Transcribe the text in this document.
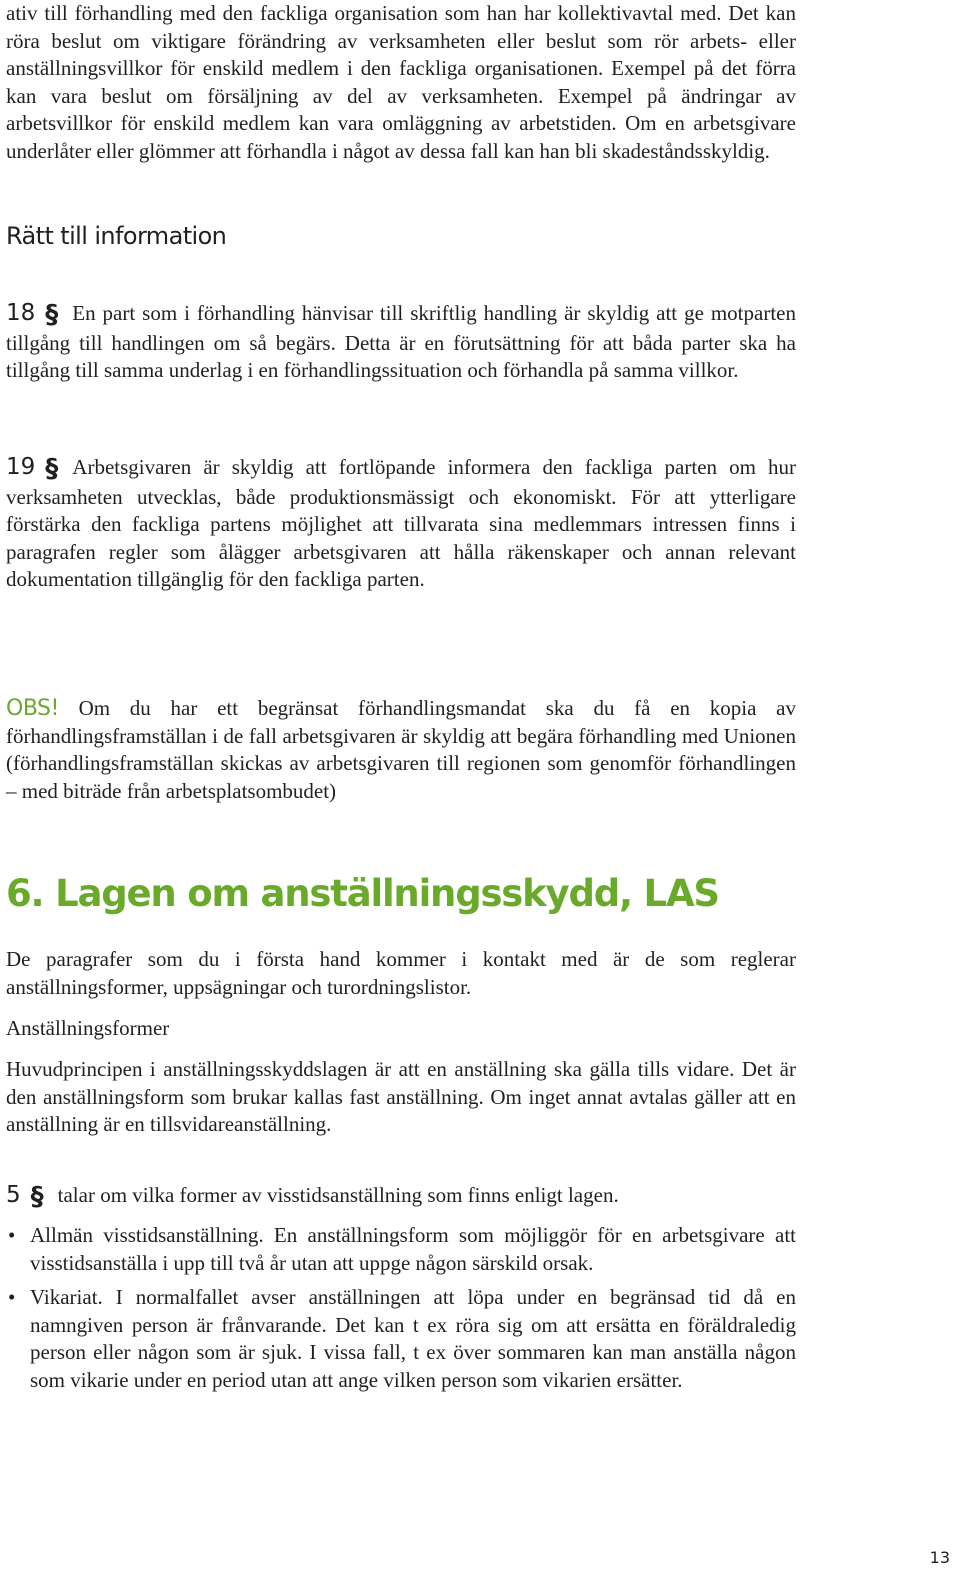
ativ till förhandling med den fackliga organisation som han har kollektivavtal med. Det kan röra beslut om viktigare förändring av verksamheten eller beslut som rör arbets- eller anställningsvillkor för enskild medlem i den fackliga organisationen. Exempel på det förra kan vara beslut om försäljning av del av verksamheten. Exempel på ändringar av arbetsvillkor för enskild medlem kan vara omläggning av arbetstiden. Om en arbetsgivare underlåter eller glömmer att förhandla i något av dessa fall kan han bli skadeståndsskyldig.

Rätt till information

18 § En part som i förhandling hänvisar till skriftlig handling är skyldig att ge motparten tillgång till handlingen om så begärs. Detta är en förutsättning för att båda parter ska ha tillgång till samma underlag i en förhandlingssituation och förhandla på samma villkor.

19 § Arbetsgivaren är skyldig att fortlöpande informera den fackliga parten om hur verksamheten utvecklas, både produktionsmässigt och ekonomiskt. För att ytterligare förstärka den fackliga partens möjlighet att tillvarata sina medlemmars intressen finns i paragrafen regler som ålägger arbetsgivaren att hålla räkenskaper och annan relevant dokumentation tillgänglig för den fackliga parten.

OBS! Om du har ett begränsat förhandlingsmandat ska du få en kopia av förhandlingsframställan i de fall arbetsgivaren är skyldig att begära förhandling med Unionen (förhandlingsframställan skickas av arbetsgivaren till regionen som genomför förhandlingen – med biträde från arbetsplatsombudet)

6. Lagen om anställningsskydd, LAS

De paragrafer som du i första hand kommer i kontakt med är de som reglerar anställningsformer, uppsägningar och turordningslistor.

Anställningsformer

Huvudprincipen i anställningsskyddslagen är att en anställning ska gälla tills vidare. Det är den anställningsform som brukar kallas fast anställning. Om inget annat avtalas gäller att en anställning är en tillsvidareanställning.

5 § talar om vilka former av visstidsanställning som finns enligt lagen.

• Allmän visstidsanställning. En anställningsform som möjliggör för en arbetsgivare att visstidsanställa i upp till två år utan att uppge någon särskild orsak.
• Vikariat. I normalfallet avser anställningen att löpa under en begränsad tid då en namngiven person är frånvarande. Det kan t ex röra sig om att ersätta en föräldraledig person eller någon som är sjuk. I vissa fall, t ex över sommaren kan man anställa någon som vikarie under en period utan att ange vilken person som vikarien ersätter.
13
